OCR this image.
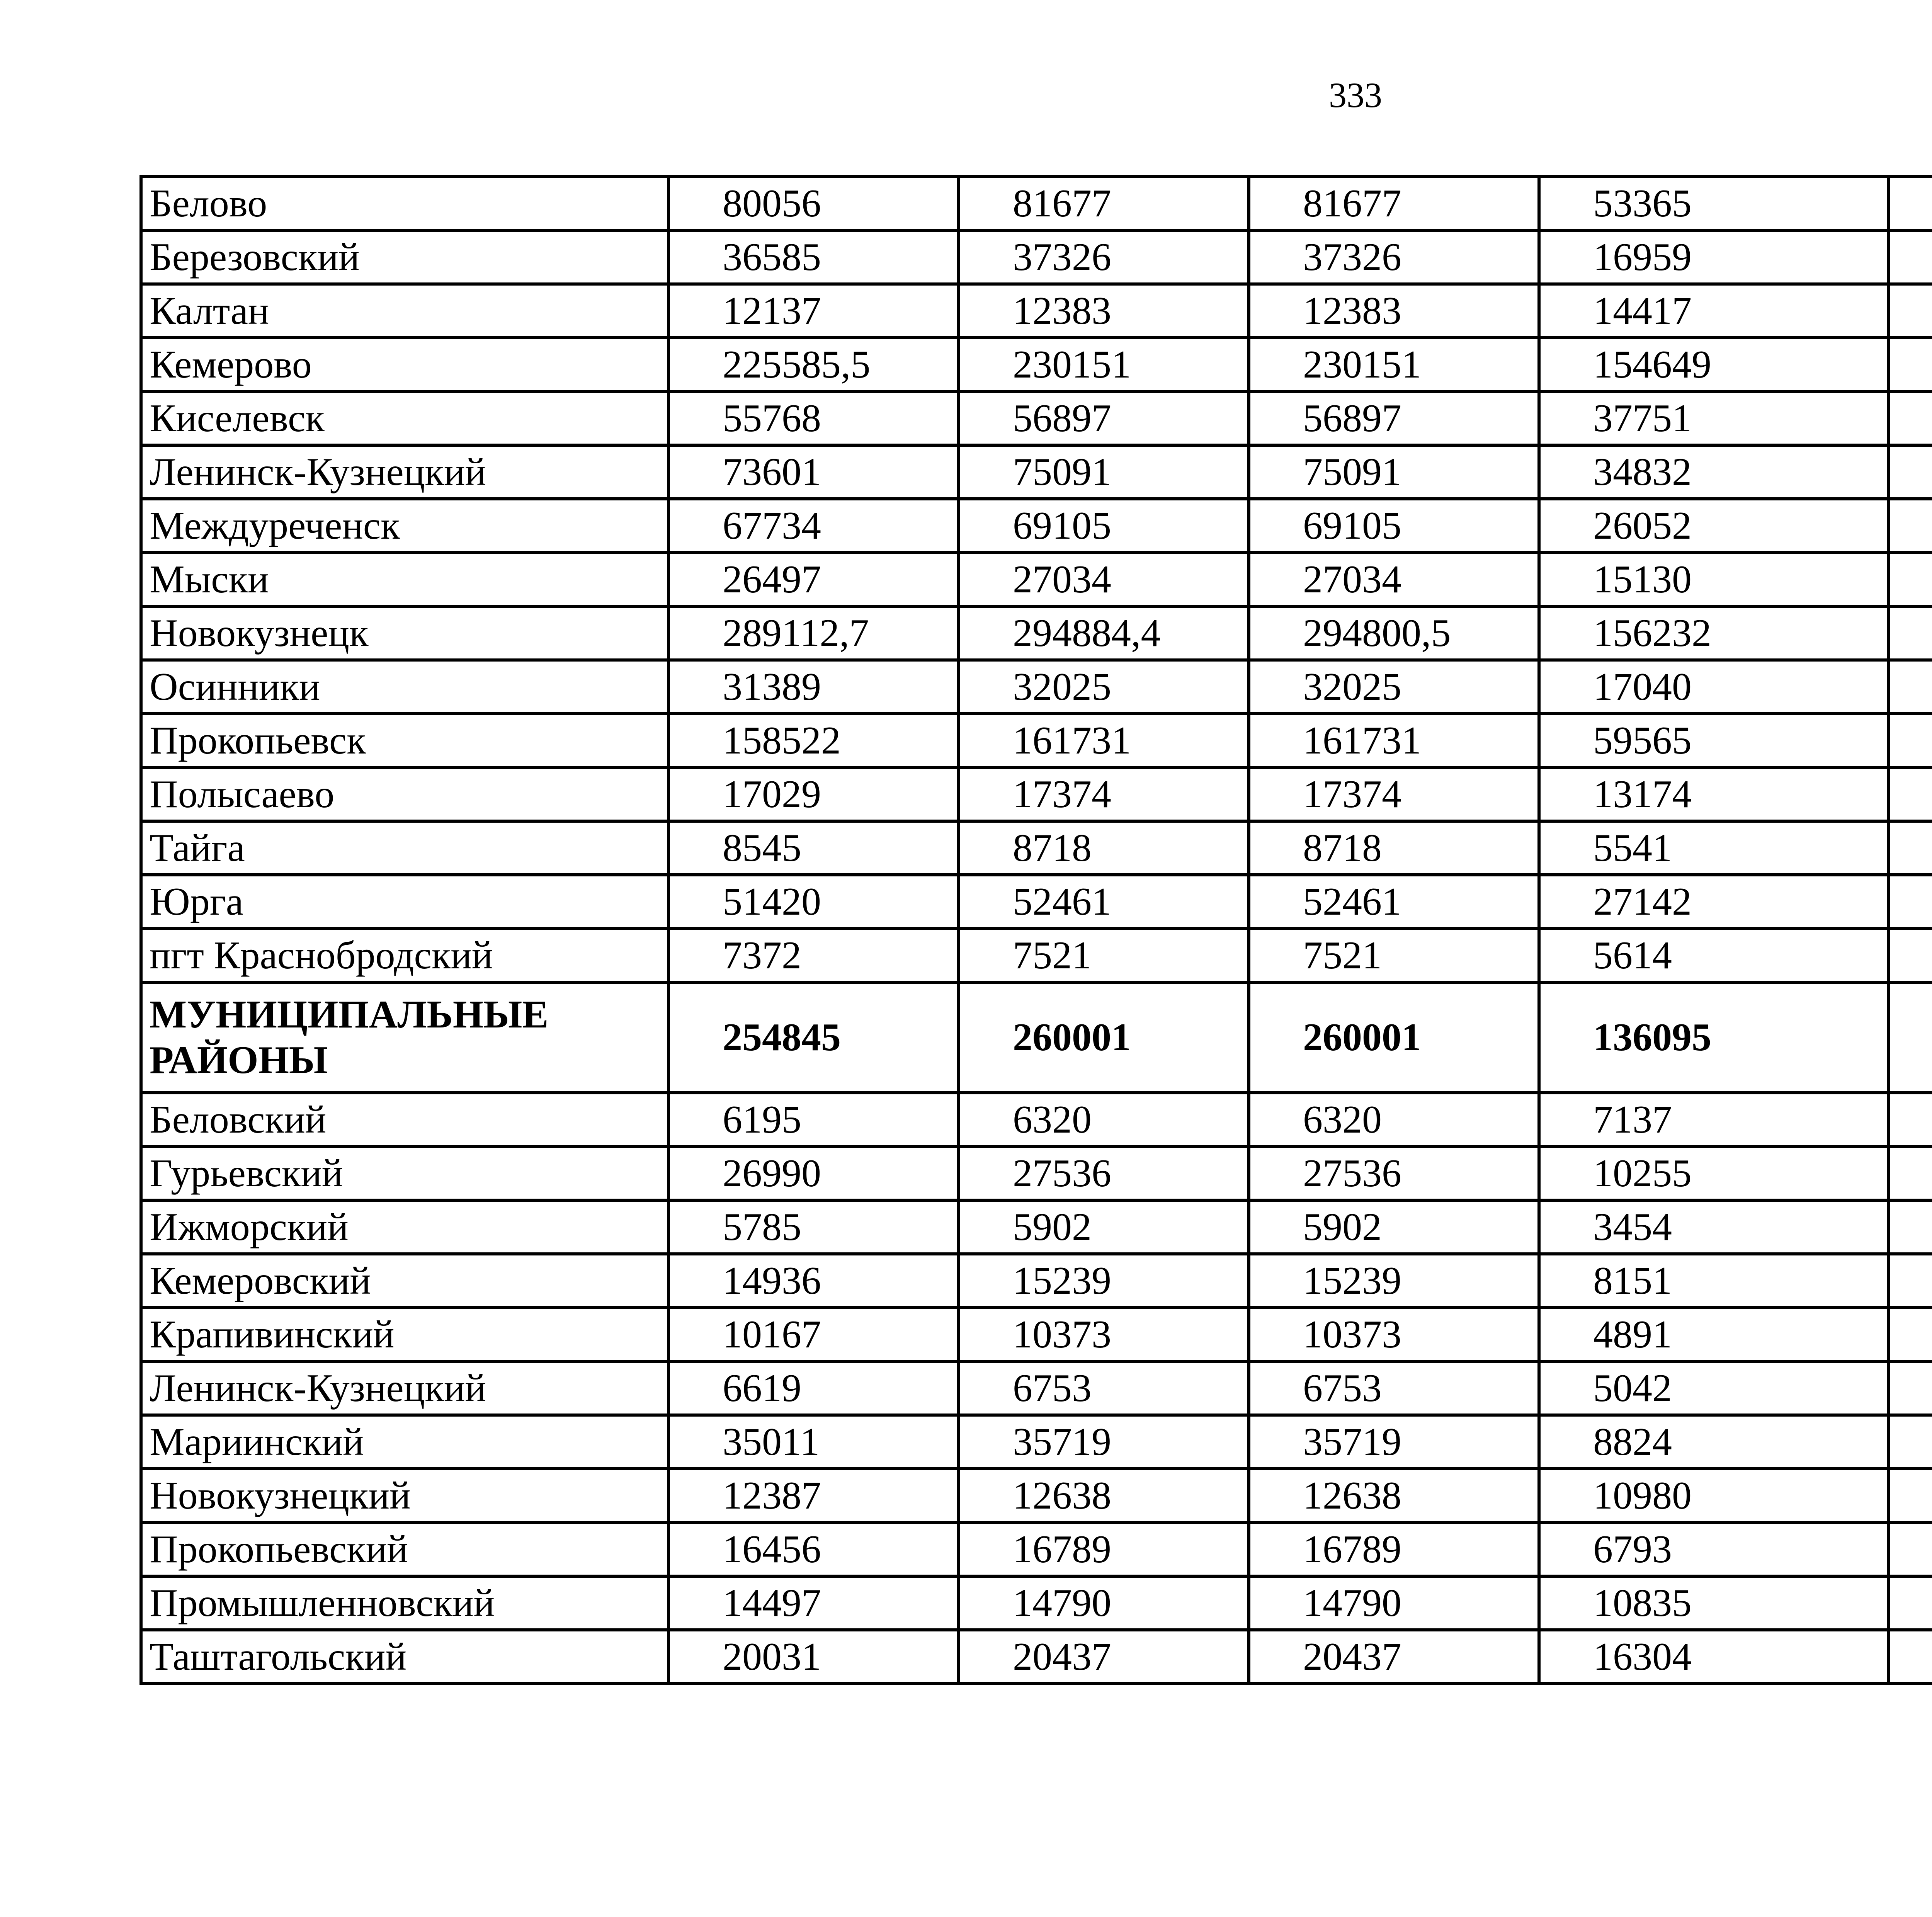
333
Белово	80056	81677	81677	53365		
Березовский	36585	37326	37326	16959		
Калтан	12137	12383	12383	14417		
Кемерово	225585,5	230151	230151	154649		
Киселевск	55768	56897	56897	37751		
Ленинск-Кузнецкий	73601	75091	75091	34832		
Междуреченск	67734	69105	69105	26052		
Мыски	26497	27034	27034	15130		
Новокузнецк	289112,7	294884,4	294800,5	156232		
Осинники	31389	32025	32025	17040		
Прокопьевск	158522	161731	161731	59565		
Полысаево	17029	17374	17374	13174		
Тайга	8545	8718	8718	5541		
Юрга	51420	52461	52461	27142		
пгт Краснобродский	7372	7521	7521	5614		
МУНИЦИПАЛЬНЫЕ РАЙОНЫ	254845	260001	260001	136095		
Беловский	6195	6320	6320	7137		
Гурьевский	26990	27536	27536	10255		
Ижморский	5785	5902	5902	3454		
Кемеровский	14936	15239	15239	8151		
Крапивинский	10167	10373	10373	4891		
Ленинск-Кузнецкий	6619	6753	6753	5042		
Мариинский	35011	35719	35719	8824		
Новокузнецкий	12387	12638	12638	10980		
Прокопьевский	16456	16789	16789	6793		
Промышленновский	14497	14790	14790	10835		
Таштагольский	20031	20437	20437	16304		
